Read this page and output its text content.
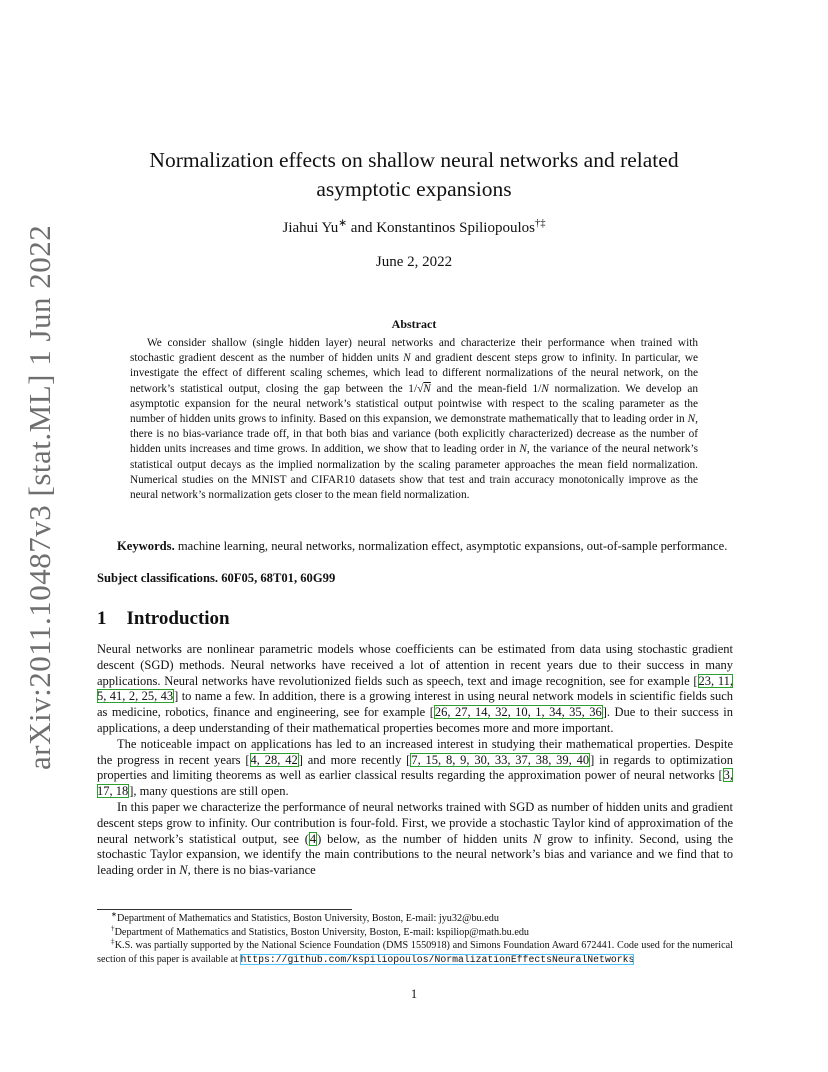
arXiv:2011.10487v3 [stat.ML] 1 Jun 2022
Normalization effects on shallow neural networks and related
asymptotic expansions
Jiahui Yu∗ and Konstantinos Spiliopoulos†‡
June 2, 2022
Abstract
We consider shallow (single hidden layer) neural networks and characterize their performance when trained with stochastic gradient descent as the number of hidden units N and gradient descent steps grow to infinity. In particular, we investigate the effect of different scaling schemes, which lead to different normalizations of the neural network, on the network’s statistical output, closing the gap between the 1/√N and the mean-field 1/N normalization. We develop an asymptotic expansion for the neural network’s statistical output pointwise with respect to the scaling parameter as the number of hidden units grows to infinity. Based on this expansion, we demonstrate mathematically that to leading order in N, there is no bias-variance trade off, in that both bias and variance (both explicitly characterized) decrease as the number of hidden units increases and time grows. In addition, we show that to leading order in N, the variance of the neural network’s statistical output decays as the implied normalization by the scaling parameter approaches the mean field normalization. Numerical studies on the MNIST and CIFAR10 datasets show that test and train accuracy monotonically improve as the neural network’s normalization gets closer to the mean field normalization.
Keywords. machine learning, neural networks, normalization effect, asymptotic expansions, out-of-sample performance.
Subject classifications. 60F05, 68T01, 60G99
1 Introduction

Neural networks are nonlinear parametric models whose coefficients can be estimated from data using stochastic gradient descent (SGD) methods. Neural networks have received a lot of attention in recent years due to their success in many applications. Neural networks have revolutionized fields such as speech, text and image recognition, see for example [23, 11, 5, 41, 2, 25, 43] to name a few. In addition, there is a growing interest in using neural network models in scientific fields such as medicine, robotics, finance and engineering, see for example [26, 27, 14, 32, 10, 1, 34, 35, 36]. Due to their success in applications, a deep understanding of their mathematical properties becomes more and more important.

The noticeable impact on applications has led to an increased interest in studying their mathematical properties. Despite the progress in recent years [4, 28, 42] and more recently [7, 15, 8, 9, 30, 33, 37, 38, 39, 40] in regards to optimization properties and limiting theorems as well as earlier classical results regarding the approximation power of neural networks [3, 17, 18], many questions are still open.

In this paper we characterize the performance of neural networks trained with SGD as number of hidden units and gradient descent steps grow to infinity. Our contribution is four-fold. First, we provide a stochastic Taylor kind of approximation of the neural network’s statistical output, see (4) below, as the number of hidden units N grow to infinity. Second, using the stochastic Taylor expansion, we identify the main contributions to the neural network’s bias and variance and we find that to leading order in N, there is no bias-variance

∗Department of Mathematics and Statistics, Boston University, Boston, E-mail: jyu32@bu.edu

†Department of Mathematics and Statistics, Boston University, Boston, E-mail: kspiliop@math.bu.edu

‡K.S. was partially supported by the National Science Foundation (DMS 1550918) and Simons Foundation Award 672441. Code used for the numerical section of this paper is available at https://github.com/kspiliopoulos/NormalizationEffectsNeuralNetworks

1
